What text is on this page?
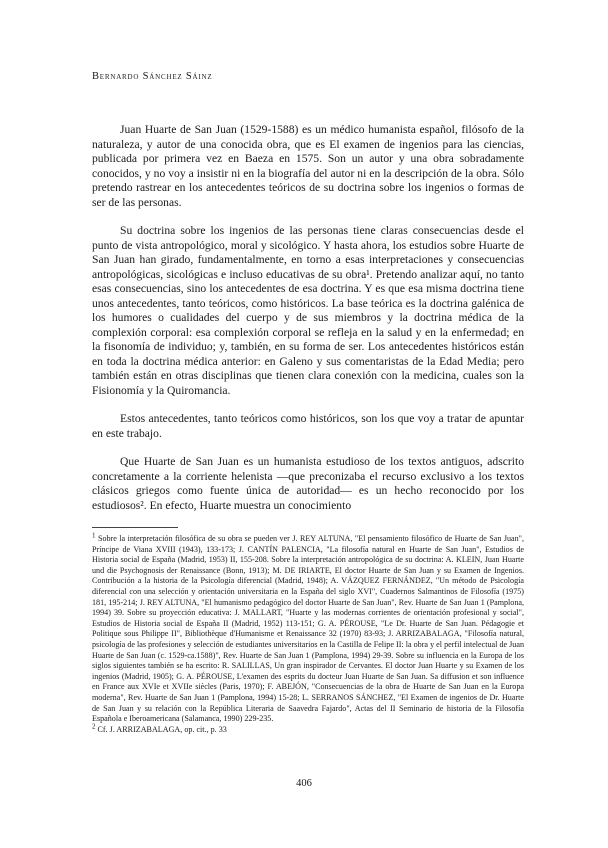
Bernardo Sánchez Sáinz

Juan Huarte de San Juan (1529-1588) es un médico humanista español, filósofo de la naturaleza, y autor de una conocida obra, que es El examen de ingenios para las ciencias, publicada por primera vez en Baeza en 1575. Son un autor y una obra sobradamente conocidos, y no voy a insistir ni en la biografía del autor ni en la descripción de la obra. Sólo pretendo rastrear en los antecedentes teóricos de su doctrina sobre los ingenios o formas de ser de las personas.

Su doctrina sobre los ingenios de las personas tiene claras consecuencias desde el punto de vista antropológico, moral y sicológico. Y hasta ahora, los estudios sobre Huarte de San Juan han girado, fundamentalmente, en torno a esas interpretaciones y consecuencias antropológicas, sicológicas e incluso educativas de su obra¹. Pretendo analizar aquí, no tanto esas consecuencias, sino los antecedentes de esa doctrina. Y es que esa misma doctrina tiene unos antecedentes, tanto teóricos, como históricos. La base teórica es la doctrina galénica de los humores o cualidades del cuerpo y de sus miembros y la doctrina médica de la complexión corporal: esa complexión corporal se refleja en la salud y en la enfermedad; en la fisonomía de individuo; y, también, en su forma de ser. Los antecedentes históricos están en toda la doctrina médica anterior: en Galeno y sus comentaristas de la Edad Media; pero también están en otras disciplinas que tienen clara conexión con la medicina, cuales son la Fisionomía y la Quiromancia.

Estos antecedentes, tanto teóricos como históricos, son los que voy a tratar de apuntar en este trabajo.

Que Huarte de San Juan es un humanista estudioso de los textos antiguos, adscrito concretamente a la corriente helenista —que preconizaba el recurso exclusivo a los textos clásicos griegos como fuente única de autoridad— es un hecho reconocido por los estudiosos². En efecto, Huarte muestra un conocimiento

1 Sobre la interpretación filosófica de su obra se pueden ver J. REY ALTUNA, "El pensamiento filosófico de Huarte de San Juan", Príncipe de Viana XVIII (1943), 133-173; J. CANTÍN PALENCIA, "La filosofía natural en Huarte de San Juan", Estudios de Historia social de España (Madrid, 1953) II, 155-208. Sobre la interpretación antropológica de su doctrina: A. KLEIN, Juan Huarte und die Psychognosis der Renaissance (Bonn, 1913); M. DE IRIARTE, El doctor Huarte de San Juan y su Examen de Ingenios. Contribución a la historia de la Psicología diferencial (Madrid, 1948); A. VÁZQUEZ FERNÁNDEZ, "Un método de Psicología diferencial con una selección y orientación universitaria en la España del siglo XVI", Cuadernos Salmantinos de Filosofía (1975) 181, 195-214; J. REY ALTUNA, "El humanismo pedagógico del doctor Huarte de San Juan", Rev. Huarte de San Juan 1 (Pamplona, 1994) 39. Sobre su proyección educativa: J. MALLART, "Huarte y las modernas corrientes de orientación profesional y social", Estudios de Historia social de España II (Madrid, 1952) 113-151; G. A. PÉROUSE, "Le Dr. Huarte de San Juan. Pédagogie et Politique sous Philippe II", Bibliothèque d'Humanisme et Renaissance 32 (1970) 83-93; J. ARRIZABALAGA, "Filosofía natural, psicología de las profesiones y selección de estudiantes universitarios en la Castilla de Felipe II: la obra y el perfil intelectual de Juan Huarte de San Juan (c. 1529-ca.1588)", Rev. Huarte de San Juan 1 (Pamplona, 1994) 29-39. Sobre su influencia en la Europa de los siglos siguientes también se ha escrito: R. SALILLAS, Un gran inspirador de Cervantes. El doctor Juan Huarte y su Examen de los ingenios (Madrid, 1905); G. A. PÉROUSE, L'examen des esprits du docteur Juan Huarte de San Juan. Sa diffusion et son influence en France aux XVIe et XVIIe siècles (Paris, 1970); F. ABEJÓN, "Consecuencias de la obra de Huarte de San Juan en la Europa moderna", Rev. Huarte de San Juan 1 (Pamplona, 1994) 15-28; L. SERRANOS SÁNCHEZ, "El Examen de ingenios de Dr. Huarte de San Juan y su relación con la República Literaria de Saavedra Fajardo", Actas del II Seminario de historia de la Filosofía Española e Iberoamericana (Salamanca, 1990) 229-235.

2 Cf. J. ARRIZABALAGA, op. cit., p. 33

406
